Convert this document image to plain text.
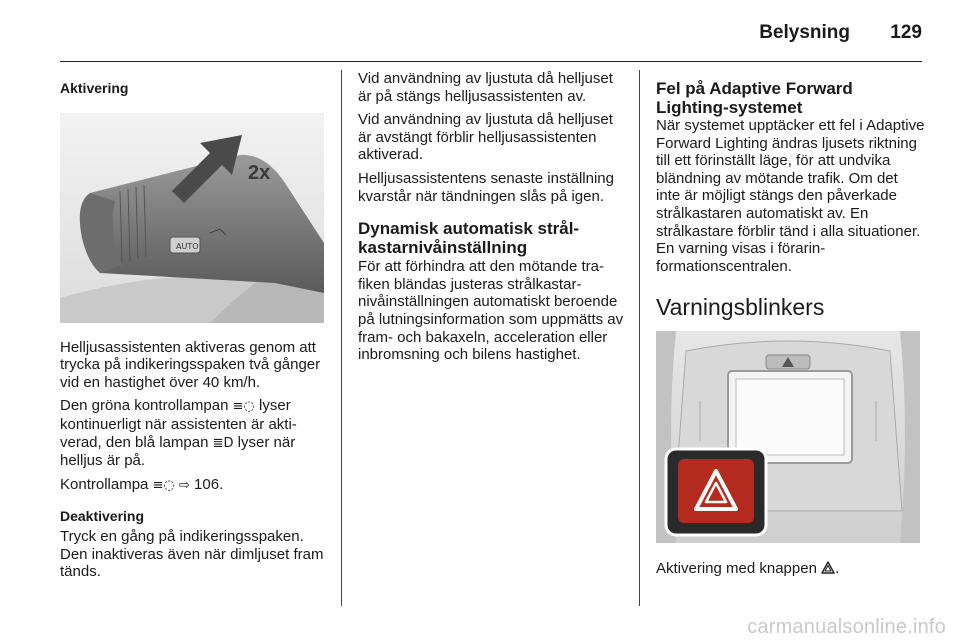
Belysning 129

Aktivering

AUTO
2x

Helljusassistenten aktiveras genom att trycka på indikeringsspaken två gånger vid en hastighet över 40 km/h.

Den gröna kontrollampan ≡◌ lyser kontinuerligt när assistenten är aktiverad, den blå lampan ≣D lyser när helljus är på.

Kontrollampa ≡◌ ⇨ 106.

Deaktivering

Tryck en gång på indikeringsspaken. Den inaktiveras även när dimljuset fram tänds.

Vid användning av ljustuta då helljuset är på stängs helljusassistenten av.

Vid användning av ljustuta då helljuset är avstängt förblir helljusassistenten aktiverad.

Helljusassistentens senaste inställning kvarstår när tändningen slås på igen.

Dynamisk automatisk strålkastarnivåinställning

För att förhindra att den mötande trafiken bländas justeras strålkastarnivåinställningen automatiskt beroende på lutningsinformation som uppmätts av fram- och bakaxeln, acceleration eller inbromsning och bilens hastighet.

Fel på Adaptive Forward Lighting-systemet

När systemet upptäcker ett fel i Adaptive Forward Lighting ändras ljusets riktning till ett förinställt läge, för att undvika bländning av mötande trafik. Om det inte är möjligt stängs den påverkade strålkastaren automatiskt av. En strålkastare förblir tänd i alla situationer. En varning visas i förarinformationscentralen.

Varningsblinkers

Aktivering med knappen .

carmanualsonline.info
